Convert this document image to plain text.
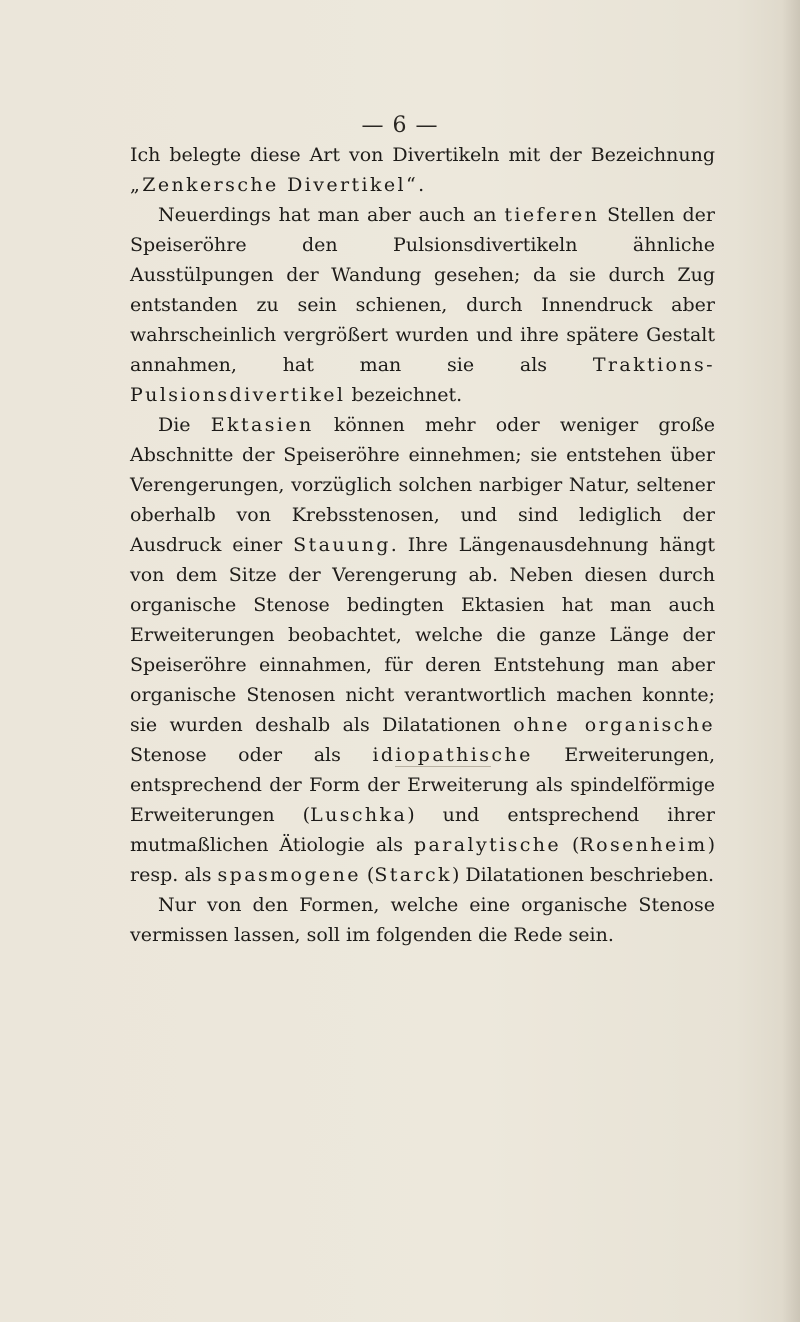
— 6 —

Ich belegte diese Art von Divertikeln mit der Bezeichnung „Zenkersche Divertikel“.

Neuerdings hat man aber auch an tieferen Stellen der Speiseröhre den Pulsionsdivertikeln ähnliche Ausstülpungen der Wandung gesehen; da sie durch Zug entstanden zu sein schienen, durch Innendruck aber wahrscheinlich vergrößert wurden und ihre spätere Gestalt annahmen, hat man sie als Traktions-Pulsionsdivertikel bezeichnet.

Die Ektasien können mehr oder weniger große Abschnitte der Speiseröhre einnehmen; sie entstehen über Verengerungen, vorzüglich solchen narbiger Natur, seltener oberhalb von Krebsstenosen, und sind lediglich der Ausdruck einer Stauung. Ihre Längenausdehnung hängt von dem Sitze der Verengerung ab. Neben diesen durch organische Stenose bedingten Ektasien hat man auch Erweiterungen beobachtet, welche die ganze Länge der Speiseröhre einnahmen, für deren Entstehung man aber organische Stenosen nicht verantwortlich machen konnte; sie wurden deshalb als Dilatationen ohne organische Stenose oder als idiopathische Erweiterungen, entsprechend der Form der Erweiterung als spindelförmige Erweiterungen (Luschka) und entsprechend ihrer mutmaßlichen Ätiologie als paralytische (Rosenheim) resp. als spasmogene (Starck) Dilatationen beschrieben.

Nur von den Formen, welche eine organische Stenose vermissen lassen, soll im folgenden die Rede sein.
